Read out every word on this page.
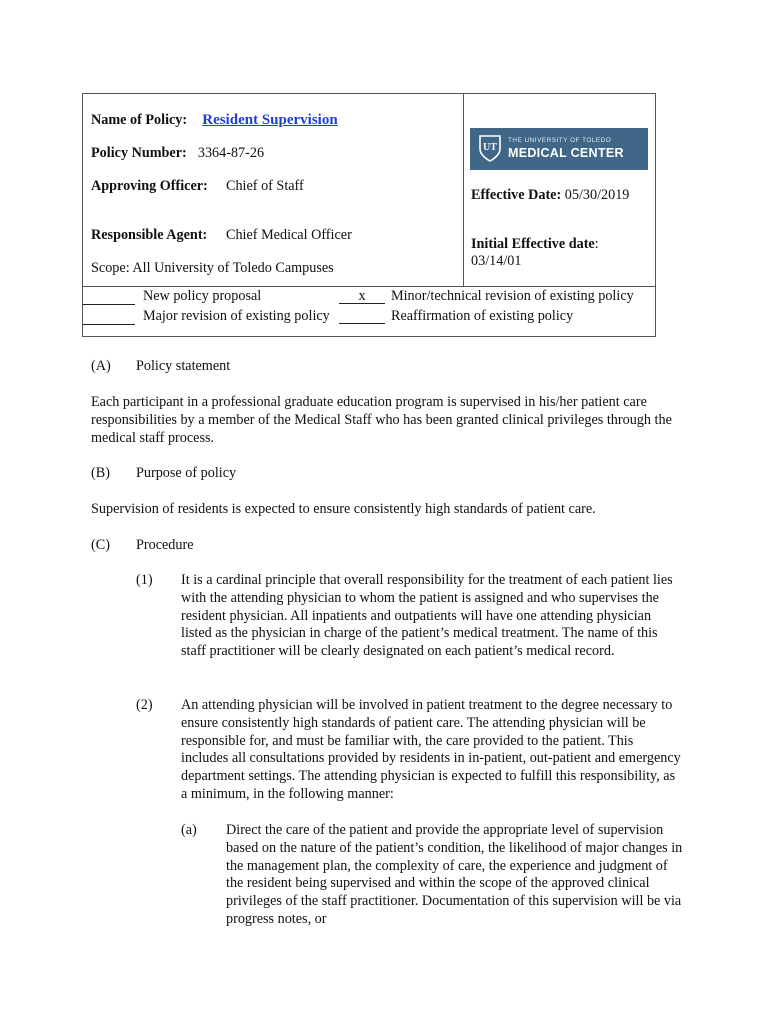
Name of Policy: Resident Supervision
Policy Number: 3364-87-26
Approving Officer: Chief of Staff
Responsible Agent: Chief Medical Officer
Scope: All University of Toledo Campuses
UT
THE UNIVERSITY OF TOLEDO
MEDICAL CENTER
Effective Date: 05/30/2019
Initial Effective date:
03/14/01
New policy proposal
Major revision of existing policy
x	Minor/technical revision of existing policy
Reaffirmation of existing policy
(A) Policy statement
Each participant in a professional graduate education program is supervised in his/her patient care responsibilities by a member of the Medical Staff who has been granted clinical privileges through the medical staff process.
(B) Purpose of policy
Supervision of residents is expected to ensure consistently high standards of patient care.
(C) Procedure
(1) It is a cardinal principle that overall responsibility for the treatment of each patient lies with the attending physician to whom the patient is assigned and who supervises the resident physician. All inpatients and outpatients will have one attending physician listed as the physician in charge of the patient’s medical treatment. The name of this staff practitioner will be clearly designated on each patient’s medical record.
(2) An attending physician will be involved in patient treatment to the degree necessary to ensure consistently high standards of patient care. The attending physician will be responsible for, and must be familiar with, the care provided to the patient. This includes all consultations provided by residents in in-patient, out-patient and emergency department settings. The attending physician is expected to fulfill this responsibility, as a minimum, in the following manner:
(a) Direct the care of the patient and provide the appropriate level of supervision based on the nature of the patient’s condition, the likelihood of major changes in the management plan, the complexity of care, the experience and judgment of the resident being supervised and within the scope of the approved clinical privileges of the staff practitioner. Documentation of this supervision will be via progress notes, or
